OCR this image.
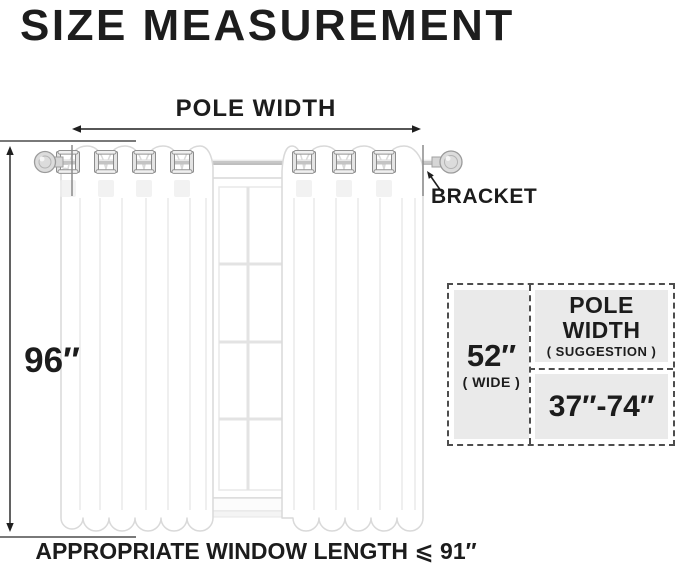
SIZE MEASUREMENT
POLE WIDTH
BRACKET
96″
APPROPRIATE WINDOW LENGTH ⩽ 91″
52″
( WIDE )
POLE WIDTH
( SUGGESTION )
37″-74″
